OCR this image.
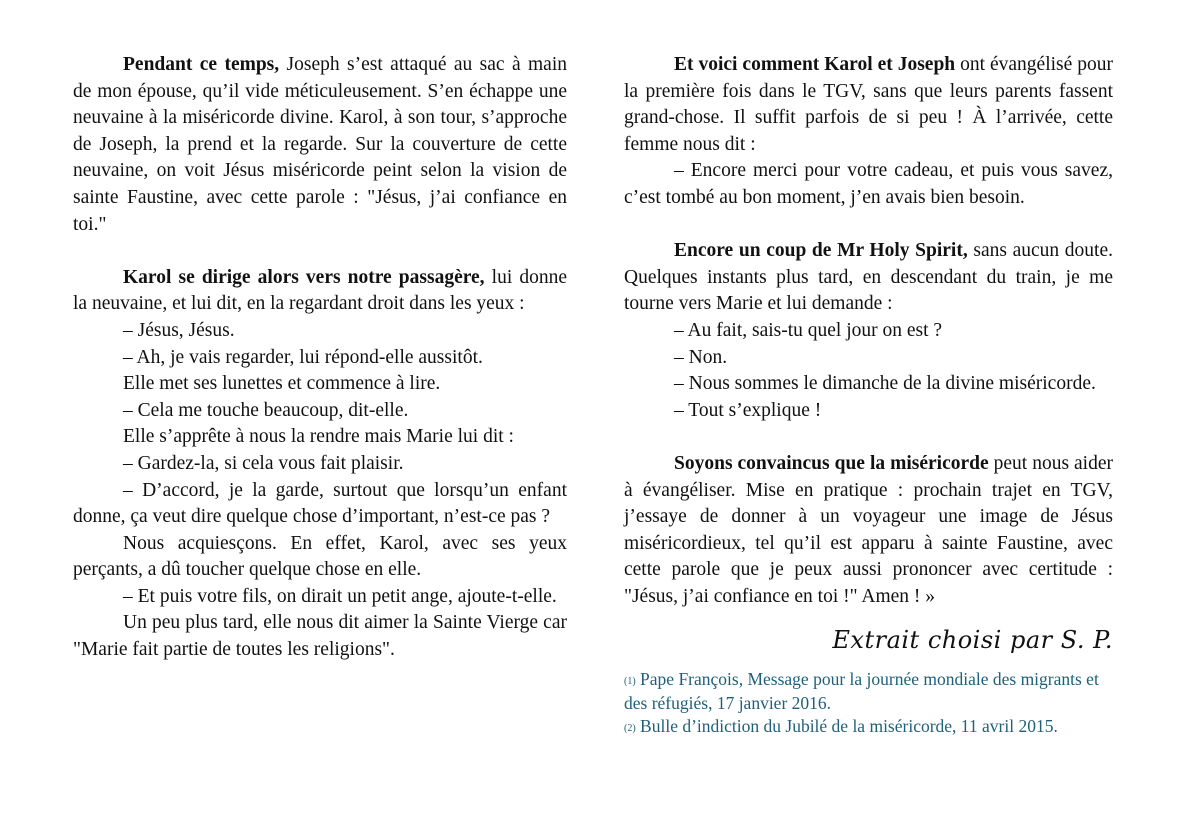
Pendant ce temps, Joseph s’est attaqué au sac à main de mon épouse, qu’il vide méticuleusement. S’en échappe une neuvaine à la miséricorde divine. Karol, à son tour, s’approche de Joseph, la prend et la regarde. Sur la couverture de cette neuvaine, on voit Jésus miséricorde peint selon la vision de sainte Faustine, avec cette parole : "Jésus, j’ai confiance en toi."

Karol se dirige alors vers notre passagère, lui donne la neuvaine, et lui dit, en la regardant droit dans les yeux :

– Jésus, Jésus.

– Ah, je vais regarder, lui répond-elle aussitôt.

Elle met ses lunettes et commence à lire.

– Cela me touche beaucoup, dit-elle.

Elle s’apprête à nous la rendre mais Marie lui dit :

– Gardez-la, si cela vous fait plaisir.

– D’accord, je la garde, surtout que lorsqu’un enfant donne, ça veut dire quelque chose d’important, n’est-ce pas ?

Nous acquiesçons. En effet, Karol, avec ses yeux perçants, a dû toucher quelque chose en elle.

– Et puis votre fils, on dirait un petit ange, ajoute-t-elle.

Un peu plus tard, elle nous dit aimer la Sainte Vierge car "Marie fait partie de toutes les religions".

Et voici comment Karol et Joseph ont évangélisé pour la première fois dans le TGV, sans que leurs parents fassent grand-chose. Il suffit parfois de si peu ! À l’arrivée, cette femme nous dit :

– Encore merci pour votre cadeau, et puis vous savez, c’est tombé au bon moment, j’en avais bien besoin.

Encore un coup de Mr Holy Spirit, sans aucun doute. Quelques instants plus tard, en descendant du train, je me tourne vers Marie et lui demande :

– Au fait, sais-tu quel jour on est ?

– Non.

– Nous sommes le dimanche de la divine miséricorde.

– Tout s’explique !

Soyons convaincus que la miséricorde peut nous aider à évangéliser. Mise en pratique : prochain trajet en TGV, j’essaye de donner à un voyageur une image de Jésus miséricordieux, tel qu’il est apparu à sainte Faustine, avec cette parole que je peux aussi prononcer avec certitude : "Jésus, j’ai confiance en toi !" Amen ! »

Extrait choisi par S. P.

$^{(1)}$ Pape François, Message pour la journée mondiale des migrants et des réfugiés, 17 janvier 2016.

$^{(2)}$ Bulle d’indiction du Jubilé de la miséricorde, 11 avril 2015.
